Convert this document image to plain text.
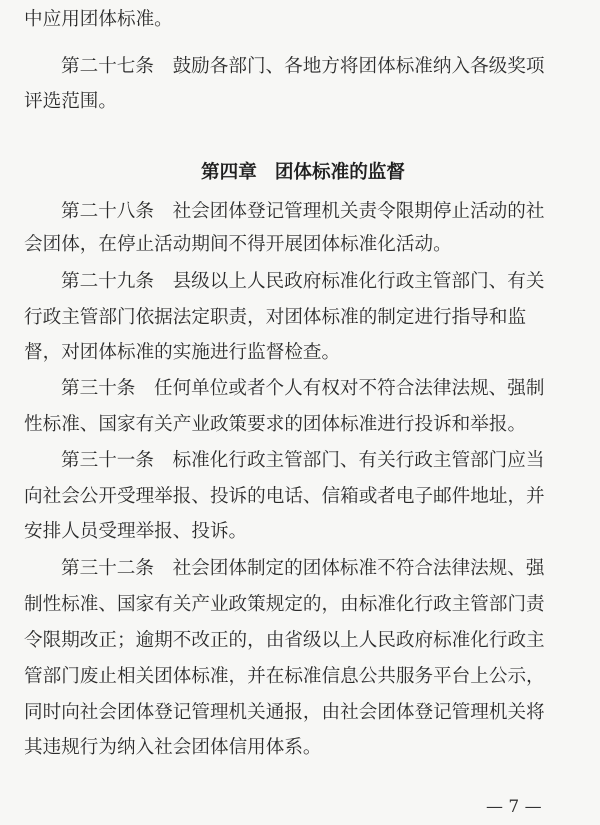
中应用团体标准。
第二十七条　鼓励各部门、各地方将团体标准纳入各级奖项
评选范围。
第四章 团体标准的监督
第二十八条　社会团体登记管理机关责令限期停止活动的社
会团体，在停止活动期间不得开展团体标准化活动。
第二十九条　县级以上人民政府标准化行政主管部门、有关
行政主管部门依据法定职责，对团体标准的制定进行指导和监
督，对团体标准的实施进行监督检查。
第三十条　任何单位或者个人有权对不符合法律法规、强制
性标准、国家有关产业政策要求的团体标准进行投诉和举报。
第三十一条　标准化行政主管部门、有关行政主管部门应当
向社会公开受理举报、投诉的电话、信箱或者电子邮件地址，并
安排人员受理举报、投诉。
第三十二条　社会团体制定的团体标准不符合法律法规、强
制性标准、国家有关产业政策规定的，由标准化行政主管部门责
令限期改正；逾期不改正的，由省级以上人民政府标准化行政主
管部门废止相关团体标准，并在标准信息公共服务平台上公示，
同时向社会团体登记管理机关通报，由社会团体登记管理机关将
其违规行为纳入社会团体信用体系。
— 7 —
